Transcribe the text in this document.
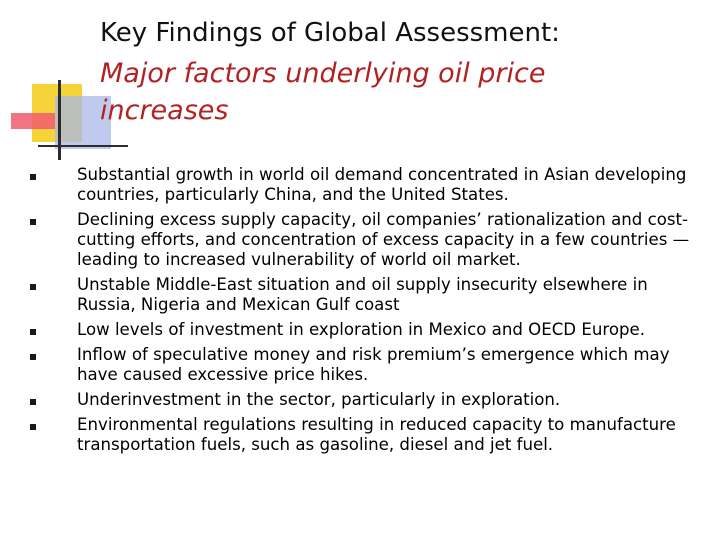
Key Findings of Global Assessment:
Major factors underlying oil price increases
Substantial growth in world oil demand concentrated in Asian developing countries, particularly China, and the United States.
Declining excess supply capacity, oil companies’ rationalization and cost-cutting efforts, and concentration of excess capacity in a few countries — leading to increased vulnerability of world oil market.
Unstable Middle-East situation and oil supply insecurity elsewhere in Russia, Nigeria and Mexican Gulf coast
Low levels of investment in exploration in Mexico and OECD Europe.
Inflow of speculative money and risk premium’s emergence which may have caused excessive price hikes.
Underinvestment in the sector, particularly in exploration.
Environmental regulations resulting in reduced capacity to manufacture transportation fuels, such as gasoline, diesel and jet fuel.
